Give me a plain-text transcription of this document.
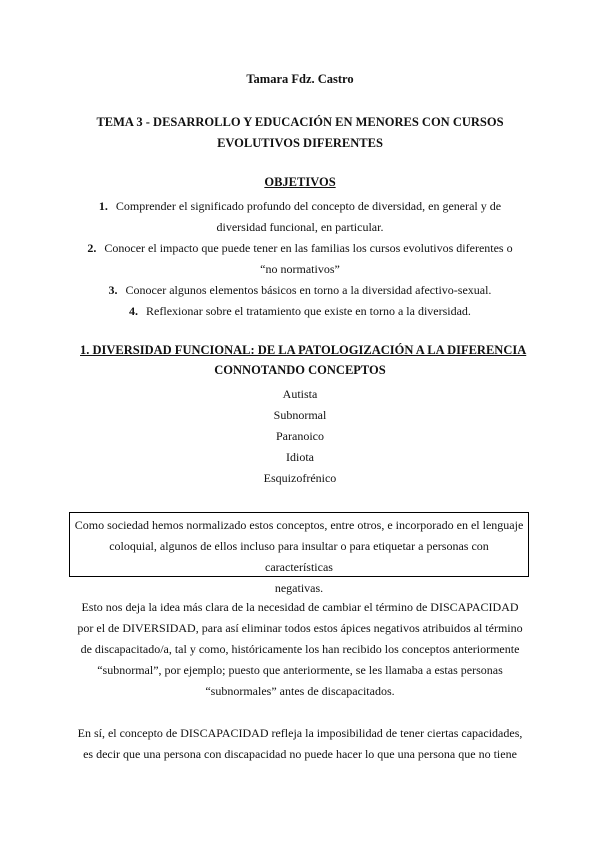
Tamara Fdz. Castro
TEMA 3 - DESARROLLO Y EDUCACIÓN EN MENORES CON CURSOS
EVOLUTIVOS DIFERENTES
OBJETIVOS
1. Comprender el significado profundo del concepto de diversidad, en general y de
diversidad funcional, en particular.
2. Conocer el impacto que puede tener en las familias los cursos evolutivos diferentes o
“no normativos”
3. Conocer algunos elementos básicos en torno a la diversidad afectivo-sexual.
4. Reflexionar sobre el tratamiento que existe en torno a la diversidad.
1. DIVERSIDAD FUNCIONAL: DE LA PATOLOGIZACIÓN A LA DIFERENCIA
CONNOTANDO CONCEPTOS
Autista
Subnormal
Paranoico
Idiota
Esquizofrénico
Como sociedad hemos normalizado estos conceptos, entre otros, e incorporado en el lenguaje
coloquial, algunos de ellos incluso para insultar o para etiquetar a personas con características
negativas.
Esto nos deja la idea más clara de la necesidad de cambiar el término de DISCAPACIDAD
por el de DIVERSIDAD, para así eliminar todos estos ápices negativos atribuidos al término
de discapacitado/a, tal y como, históricamente los han recibido los conceptos anteriormente
“subnormal”, por ejemplo; puesto que anteriormente, se les llamaba a estas personas
“subnormales” antes de discapacitados.
En sí, el concepto de DISCAPACIDAD refleja la imposibilidad de tener ciertas capacidades,
es decir que una persona con discapacidad no puede hacer lo que una persona que no tiene
